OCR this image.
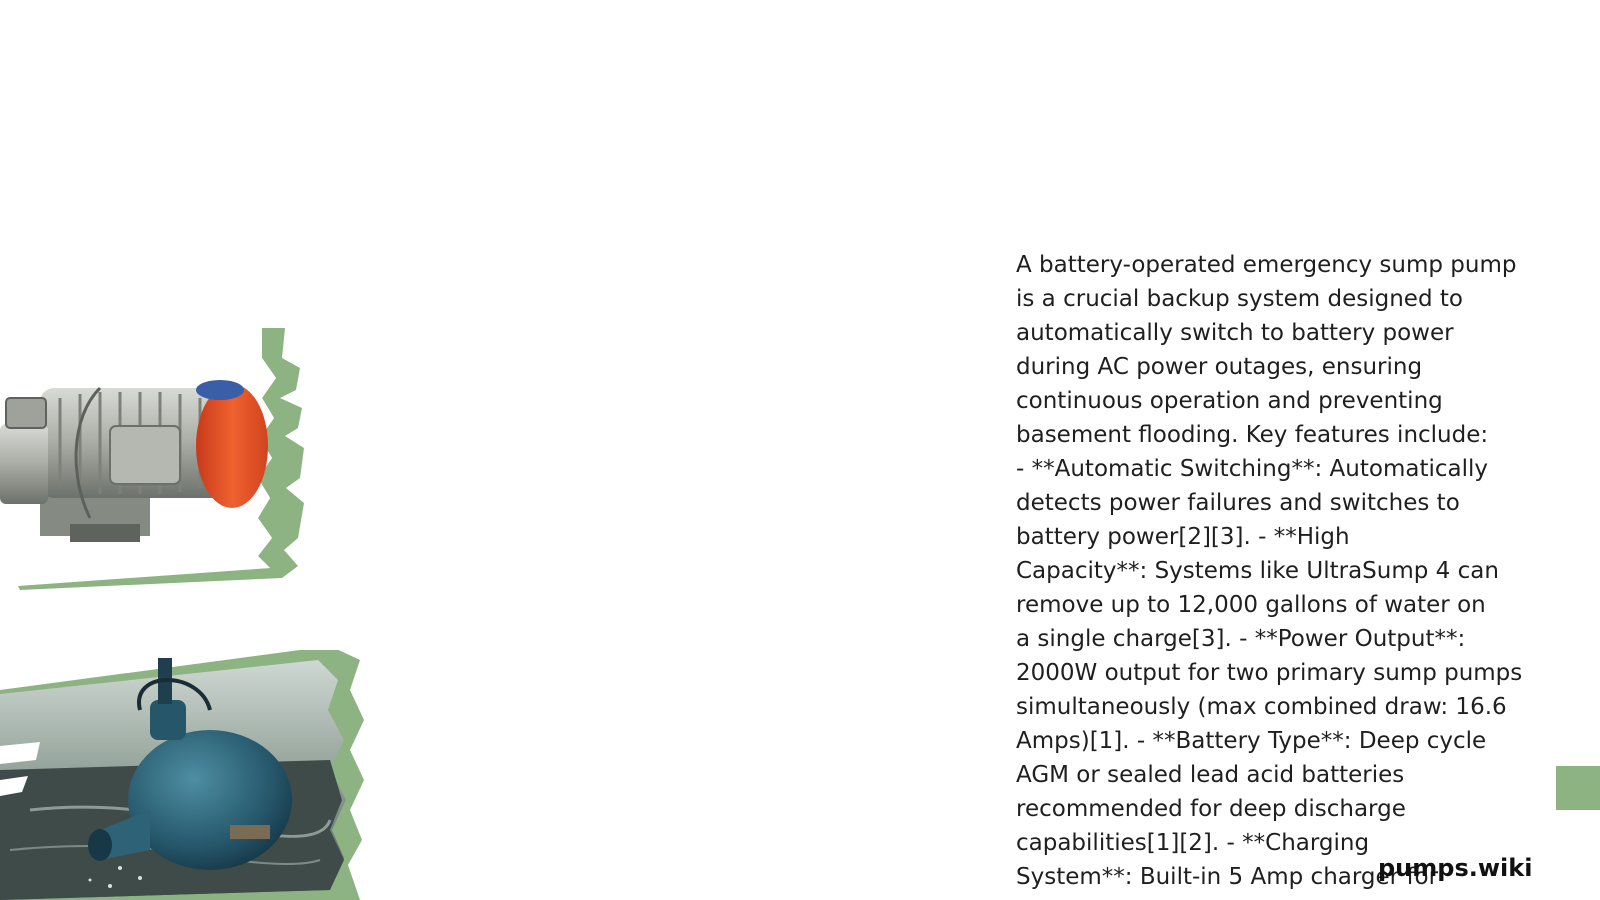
A battery-operated emergency sump pump
is a crucial backup system designed to
automatically switch to battery power
during AC power outages, ensuring
continuous operation and preventing
basement flooding. Key features include:
- **Automatic Switching**: Automatically
detects power failures and switches to
battery power[2][3]. - **High
Capacity**: Systems like UltraSump 4 can
remove up to 12,000 gallons of water on
a single charge[3]. - **Power Output**:
2000W output for two primary sump pumps
simultaneously (max combined draw: 16.6
Amps)[1]. - **Battery Type**: Deep cycle
AGM or sealed lead acid batteries
recommended for deep discharge
capabilities[1][2]. - **Charging
System**: Built-in 5 Amp charger for

pumps.wiki
